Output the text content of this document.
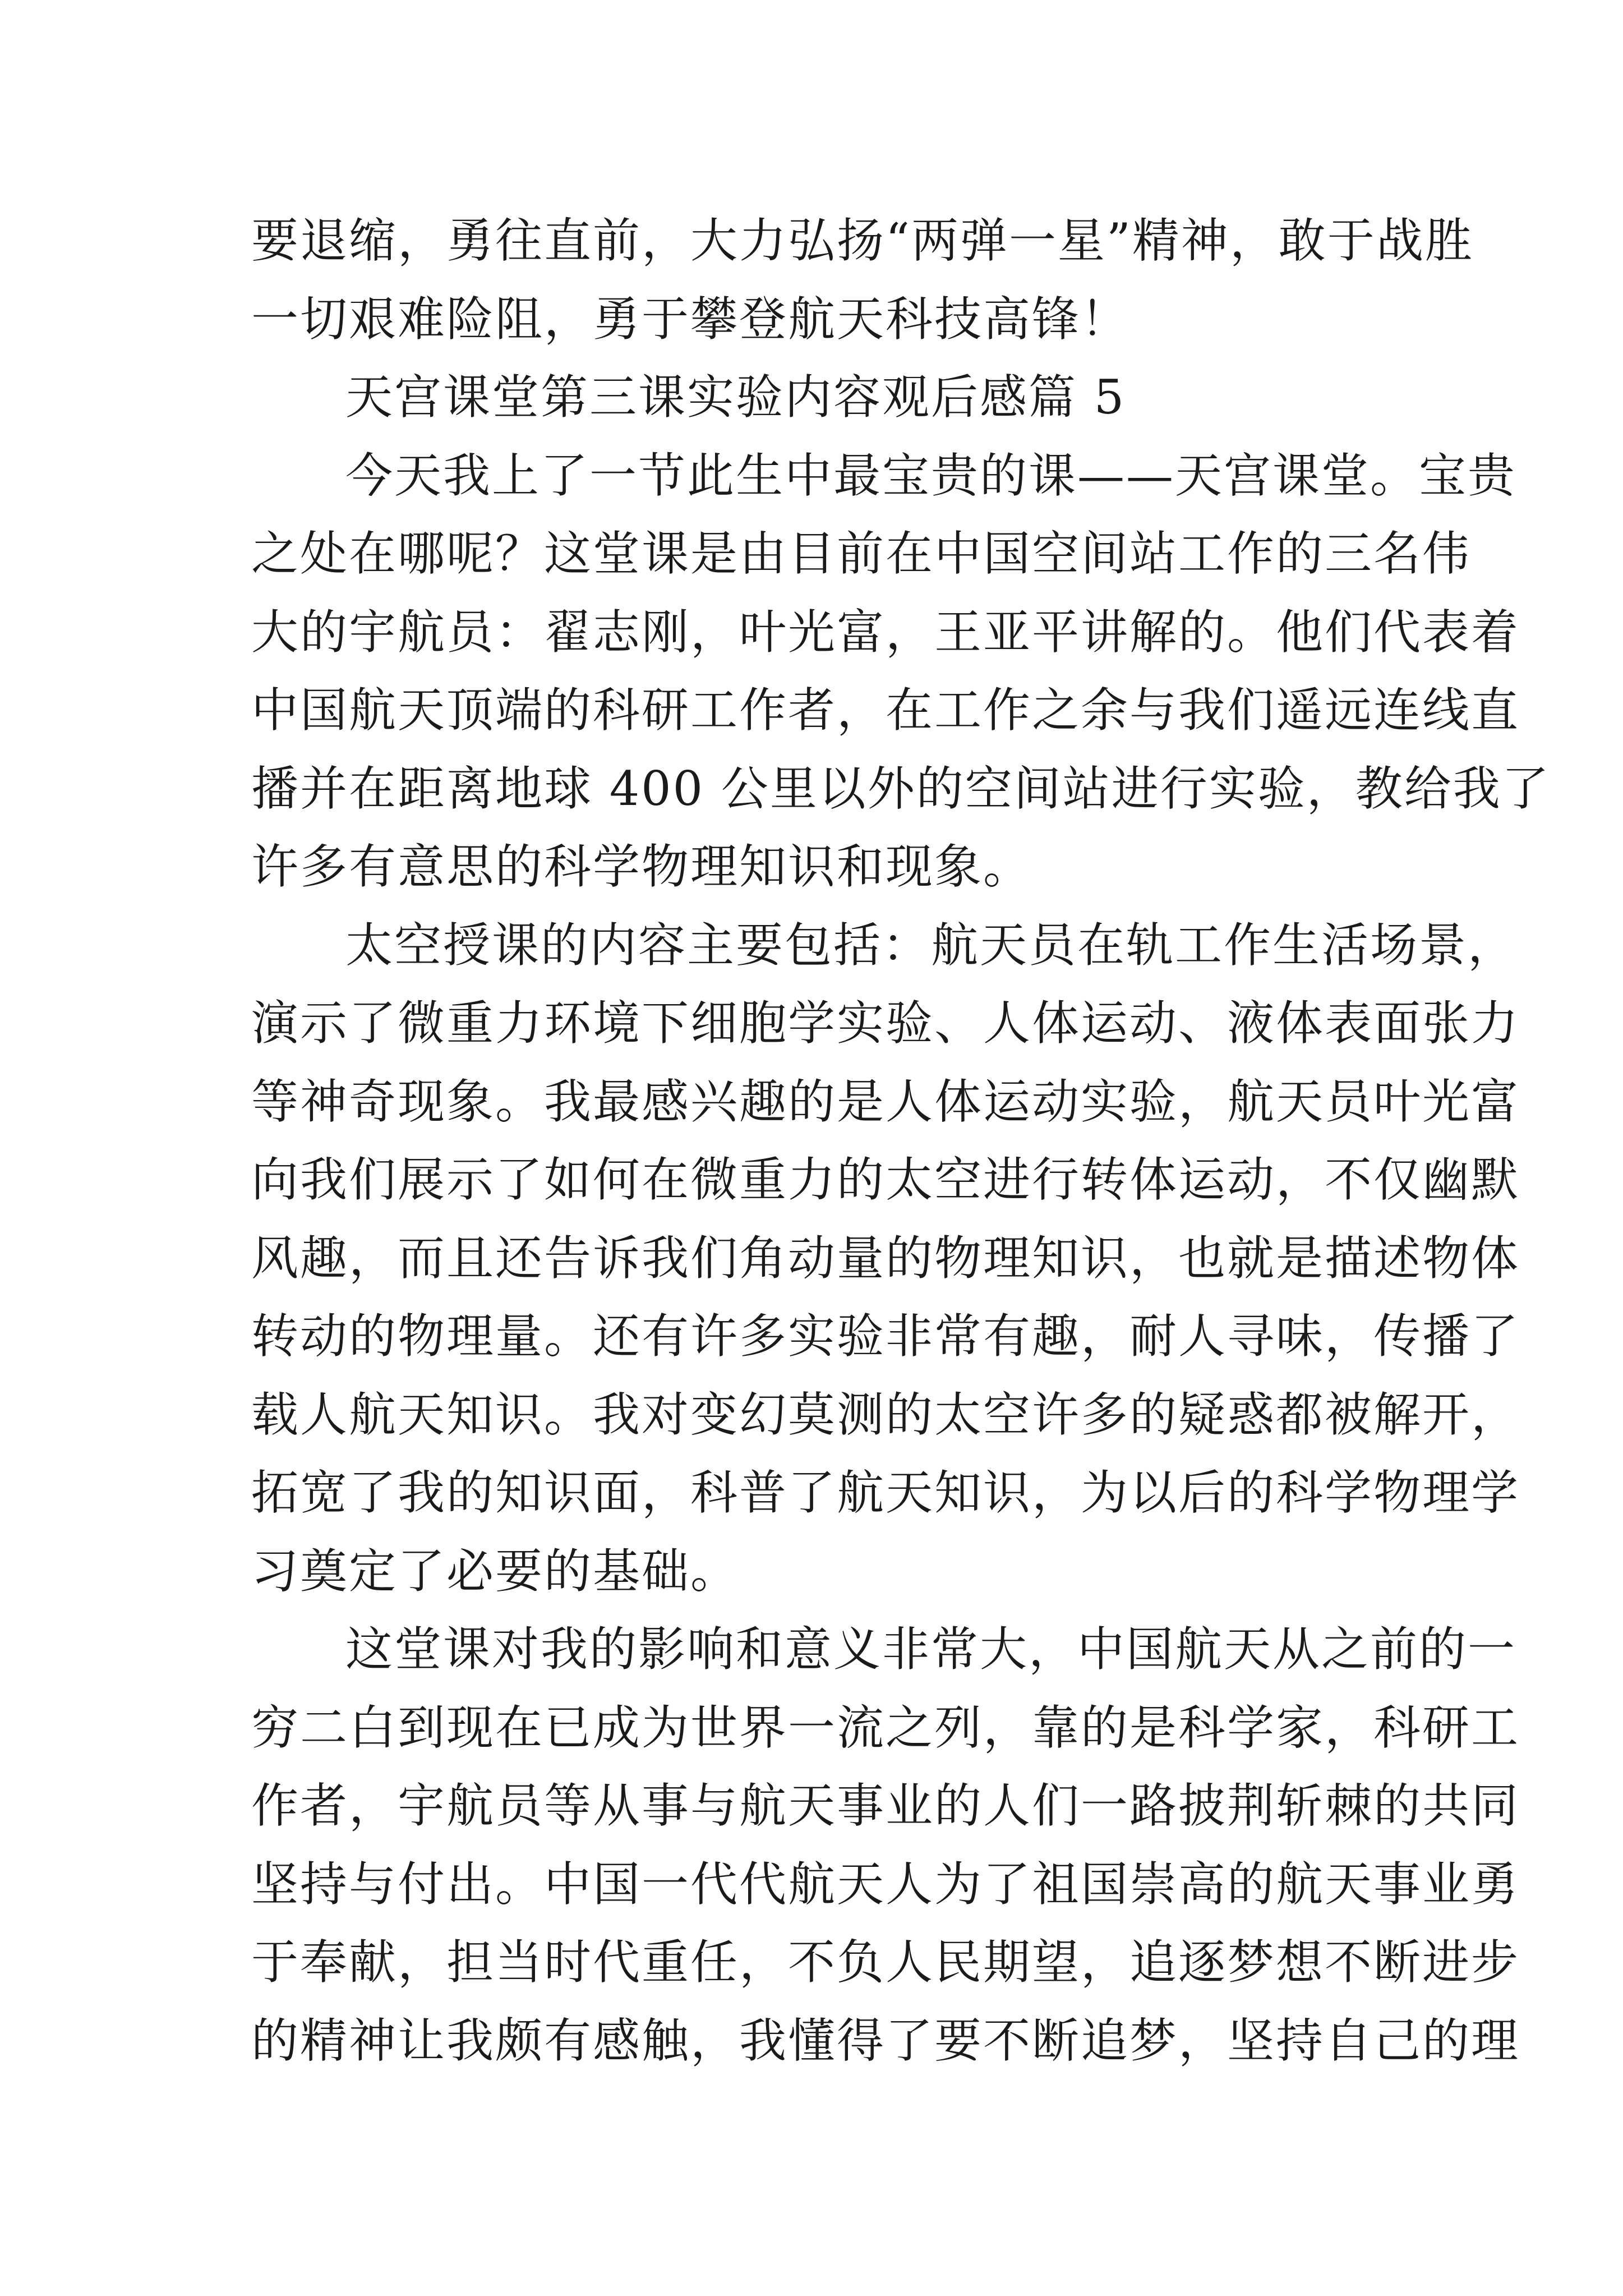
要退缩，勇往直前，大力弘扬“两弹一星”精神，敢于战胜
一切艰难险阻，勇于攀登航天科技高锋！
天宫课堂第三课实验内容观后感篇 5
今天我上了一节此生中最宝贵的课——天宫课堂。宝贵
之处在哪呢？这堂课是由目前在中国空间站工作的三名伟
大的宇航员：翟志刚，叶光富，王亚平讲解的。他们代表着
中国航天顶端的科研工作者，在工作之余与我们遥远连线直
播并在距离地球 400 公里以外的空间站进行实验，教给我了
许多有意思的科学物理知识和现象。
太空授课的内容主要包括：航天员在轨工作生活场景，
演示了微重力环境下细胞学实验、人体运动、液体表面张力
等神奇现象。我最感兴趣的是人体运动实验，航天员叶光富
向我们展示了如何在微重力的太空进行转体运动，不仅幽默
风趣，而且还告诉我们角动量的物理知识，也就是描述物体
转动的物理量。还有许多实验非常有趣，耐人寻味，传播了
载人航天知识。我对变幻莫测的太空许多的疑惑都被解开，
拓宽了我的知识面，科普了航天知识，为以后的科学物理学
习奠定了必要的基础。
这堂课对我的影响和意义非常大，中国航天从之前的一
穷二白到现在已成为世界一流之列，靠的是科学家，科研工
作者，宇航员等从事与航天事业的人们一路披荆斩棘的共同
坚持与付出。中国一代代航天人为了祖国崇高的航天事业勇
于奉献，担当时代重任，不负人民期望，追逐梦想不断进步
的精神让我颇有感触，我懂得了要不断追梦，坚持自己的理
